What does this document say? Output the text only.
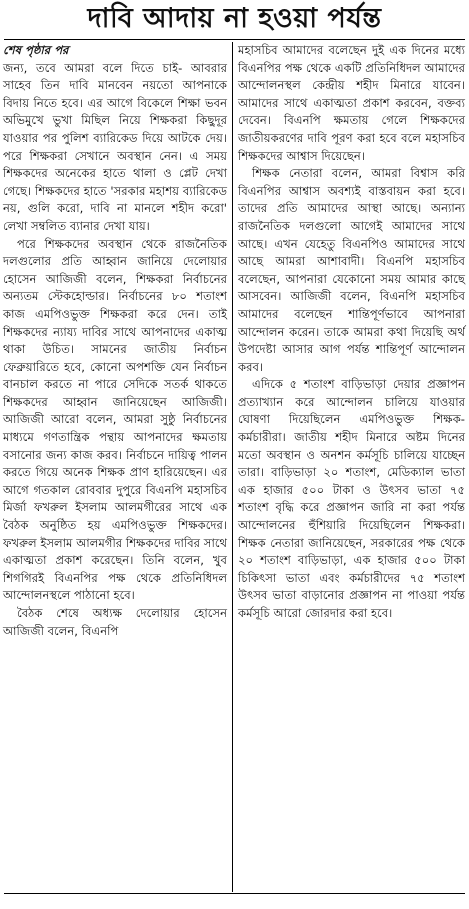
দাবি আদায় না হওয়া পর্যন্ত

শেষ পৃষ্ঠার পর

জন্য, তবে আমরা বলে দিতে চাই- আবরার সাহেব তিন দাবি মানবেন নয়তো আপনাকে বিদায় নিতে হবে। এর আগে বিকেলে শিক্ষা ভবন অভিমুখে ভুখা মিছিল নিয়ে শিক্ষকরা কিছুদূর যাওয়ার পর পুলিশ ব্যারিকেড দিয়ে আটকে দেয়। পরে শিক্ষকরা সেখানে অবস্থান নেন। এ সময় শিক্ষকদের অনেকের হাতে থালা ও প্লেট দেখা গেছে। শিক্ষকদের হাতে 'সরকার মহাশয় ব্যারিকেড নয়, গুলি করো, দাবি না মানলে শহীদ করো' লেখা সম্বলিত ব্যানার দেখা যায়।

পরে শিক্ষকদের অবস্থান থেকে রাজনৈতিক দলগুলোর প্রতি আহ্বান জানিয়ে দেলোয়ার হোসেন আজিজী বলেন, শিক্ষকরা নির্বাচনের অন্যতম স্টেকহোল্ডার। নির্বাচনের ৮০ শতাংশ কাজ এমপিওভুক্ত শিক্ষকরা করে দেন। তাই শিক্ষকদের ন্যায্য দাবির সাথে আপনাদের একাত্ম থাকা উচিত। সামনের জাতীয় নির্বাচন ফেব্রুয়ারিতে হবে, কোনো অপশক্তি যেন নির্বাচন বানচাল করতে না পারে সেদিকে সতর্ক থাকতে শিক্ষকদের আহ্বান জানিয়েছেন আজিজী। আজিজী আরো বলেন, আমরা সুষ্ঠু নির্বাচনের মাধ্যমে গণতান্ত্রিক পন্থায় আপনাদের ক্ষমতায় বসানোর জন্য কাজ করব। নির্বাচনে দায়িত্ব পালন করতে গিয়ে অনেক শিক্ষক প্রাণ হারিয়েছেন। এর আগে গতকাল রোববার দুপুরে বিএনপি মহাসচিব মির্জা ফখরুল ইসলাম আলমগীরের সাথে এক বৈঠক অনুষ্ঠিত হয় এমপিওভুক্ত শিক্ষকদের। ফখরুল ইসলাম আলমগীর শিক্ষকদের দাবির সাথে একাত্মতা প্রকাশ করেছেন। তিনি বলেন, খুব শিগগিরই বিএনপির পক্ষ থেকে প্রতিনিধিদল আন্দোলনস্থলে পাঠানো হবে।

বৈঠক শেষে অধ্যক্ষ দেলোয়ার হোসেন আজিজী বলেন, বিএনপি

মহাসচিব আমাদের বলেছেন দুই এক দিনের মধ্যে বিএনপির পক্ষ থেকে একটি প্রতিনিধিদল আমাদের আন্দোলনস্থল কেন্দ্রীয় শহীদ মিনারে যাবেন। আমাদের সাথে একাত্মতা প্রকাশ করবেন, বক্তব্য দেবেন। বিএনপি ক্ষমতায় গেলে শিক্ষকদের জাতীয়করণের দাবি পূরণ করা হবে বলে মহাসচিব শিক্ষকদের আশ্বাস দিয়েছেন।

শিক্ষক নেতারা বলেন, আমরা বিশ্বাস করি বিএনপির আশ্বাস অবশ্যই বাস্তবায়ন করা হবে। তাদের প্রতি আমাদের আস্থা আছে। অন্যান্য রাজনৈতিক দলগুলো আগেই আমাদের সাথে আছে। এখন যেহেতু বিএনপিও আমাদের সাথে আছে আমরা আশাবাদী। বিএনপি মহাসচিব বলেছেন, আপনারা যেকোনো সময় আমার কাছে আসবেন। আজিজী বলেন, বিএনপি মহাসচিব আমাদের বলেছেন শান্তিপূর্ণভাবে আপনারা আন্দোলন করেন। তাকে আমরা কথা দিয়েছি অর্থ উপদেষ্টা আসার আগ পর্যন্ত শান্তিপূর্ণ আন্দোলন করব।

এদিকে ৫ শতাংশ বাড়িভাড়া দেয়ার প্রজ্ঞাপন প্রত্যাখ্যান করে আন্দোলন চালিয়ে যাওয়ার ঘোষণা দিয়েছিলেন এমপিওভুক্ত শিক্ষক-কর্মচারীরা। জাতীয় শহীদ মিনারে অষ্টম দিনের মতো অবস্থান ও অনশন কর্মসূচি চালিয়ে যাচ্ছেন তারা। বাড়িভাড়া ২০ শতাংশ, মেডিক্যাল ভাতা এক হাজার ৫০০ টাকা ও উৎসব ভাতা ৭৫ শতাংশ বৃদ্ধি করে প্রজ্ঞাপন জারি না করা পর্যন্ত আন্দোলনের হুঁশিয়ারি দিয়েছিলেন শিক্ষকরা। শিক্ষক নেতারা জানিয়েছেন, সরকারের পক্ষ থেকে ২০ শতাংশ বাড়িভাড়া, এক হাজার ৫০০ টাকা চিকিৎসা ভাতা এবং কর্মচারীদের ৭৫ শতাংশ উৎসব ভাতা বাড়ানোর প্রজ্ঞাপন না পাওয়া পর্যন্ত কর্মসূচি আরো জোরদার করা হবে।
